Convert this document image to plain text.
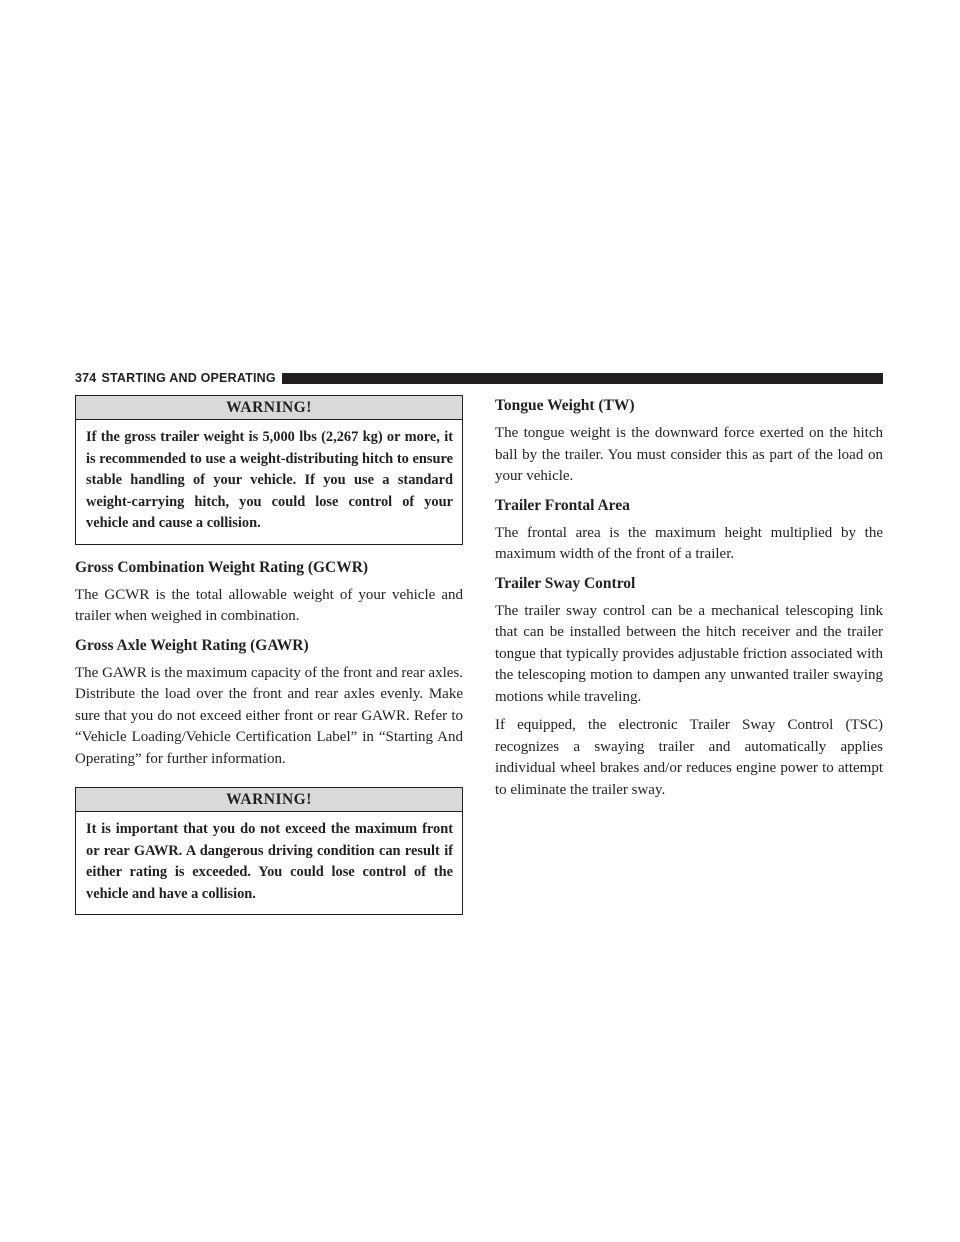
374 STARTING AND OPERATING
WARNING!
If the gross trailer weight is 5,000 lbs (2,267 kg) or more, it is recommended to use a weight-distributing hitch to ensure stable handling of your vehicle. If you use a standard weight-carrying hitch, you could lose control of your vehicle and cause a collision.
Gross Combination Weight Rating (GCWR)

The GCWR is the total allowable weight of your vehicle and trailer when weighed in combination.

Gross Axle Weight Rating (GAWR)

The GAWR is the maximum capacity of the front and rear axles. Distribute the load over the front and rear axles evenly. Make sure that you do not exceed either front or rear GAWR. Refer to “Vehicle Loading/Vehicle Certification Label” in “Starting And Operating” for further information.

WARNING!
It is important that you do not exceed the maximum front or rear GAWR. A dangerous driving condition can result if either rating is exceeded. You could lose control of the vehicle and have a collision.
Tongue Weight (TW)

The tongue weight is the downward force exerted on the hitch ball by the trailer. You must consider this as part of the load on your vehicle.

Trailer Frontal Area

The frontal area is the maximum height multiplied by the maximum width of the front of a trailer.

Trailer Sway Control

The trailer sway control can be a mechanical telescoping link that can be installed between the hitch receiver and the trailer tongue that typically provides adjustable friction associated with the telescoping motion to dampen any unwanted trailer swaying motions while traveling.

If equipped, the electronic Trailer Sway Control (TSC) recognizes a swaying trailer and automatically applies individual wheel brakes and/or reduces engine power to attempt to eliminate the trailer sway.
